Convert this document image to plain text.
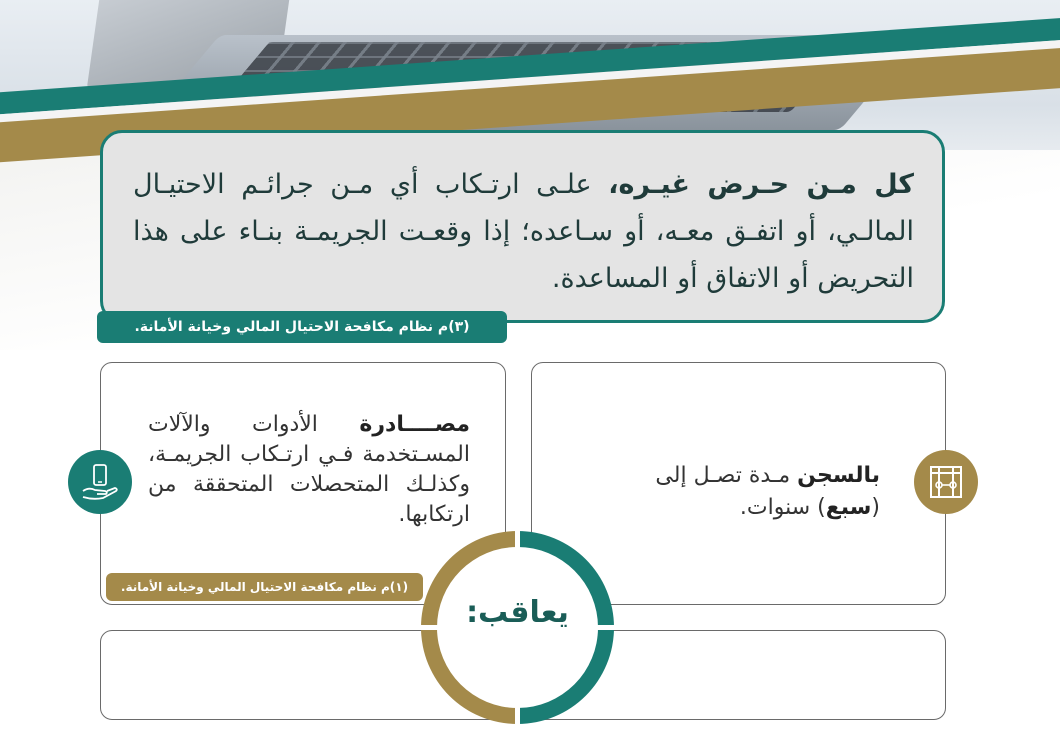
كل مـن حـرض غيـره، علـى ارتـكاب أي مـن جرائـم الاحتيـال المالـي، أو اتفـق معـه، أو سـاعده؛ إذا وقعـت الجريمـة بنـاء على هذا التحريض أو الاتفاق أو المساعدة.

(٣)م نظام مكافحة الاحتيال المالي وخيانة الأمانة.

مصــــادرة الأدوات والآلات المسـتخدمة فـي ارتـكاب الجريمـة، وكذلـك المتحصلات المتحققة من ارتكابها.

بالسجن مـدة تصـل إلى (سبع) سنوات.

(١)م نظام مكافحة الاحتيال المالي وخيانة الأمانة.
يعاقب:
